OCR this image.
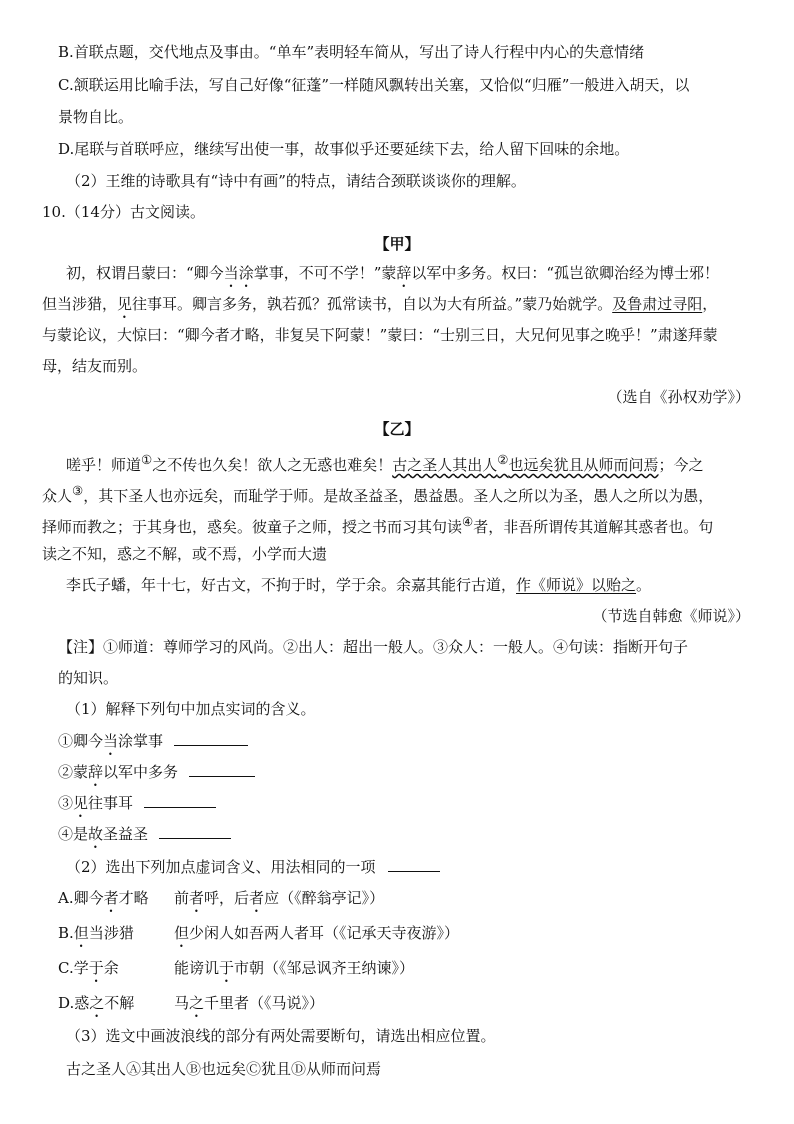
B.首联点题，交代地点及事由。“单车”表明轻车简从，写出了诗人行程中内心的失意情绪
C.颔联运用比喻手法，写自己好像“征蓬”一样随风飘转出关塞，又恰似“归雁”一般进入胡天，以
景物自比。
D.尾联与首联呼应，继续写出使一事，故事似乎还要延续下去，给人留下回味的余地。
（2）王维的诗歌具有“诗中有画”的特点，请结合颈联谈谈你的理解。
10.（14分）古文阅读。
【甲】
初，权谓吕蒙曰：“卿今当涂掌事，不可不学！”蒙辞以军中多务。权曰：“孤岂欲卿治经为博士邪！
但当涉猎，见往事耳。卿言多务，孰若孤？孤常读书，自以为大有所益。”蒙乃始就学。及鲁肃过寻阳，
与蒙论议，大惊曰：“卿今者才略，非复吴下阿蒙！”蒙曰：“士别三日，大兄何见事之晚乎！”肃遂拜蒙
母，结友而别。
（选自《孙权劝学》）
【乙】
嗟乎！师道①之不传也久矣！欲人之无惑也难矣！古之圣人其出人②也远矣犹且从师而问焉；今之
众人③，其下圣人也亦远矣，而耻学于师。是故圣益圣，愚益愚。圣人之所以为圣，愚人之所以为愚，
择师而教之；于其身也，惑矣。彼童子之师，授之书而习其句读④者，非吾所谓传其道解其惑者也。句
读之不知，惑之不解，或不焉，小学而大遗
李氏子蟠，年十七，好古文，不拘于时，学于余。余嘉其能行古道，作《师说》以贻之。
（节选自韩愈《师说》）
【注】①师道：尊师学习的风尚。②出人：超出一般人。③众人：一般人。④句读：指断开句子
的知识。
（1）解释下列句中加点实词的含义。
①卿今当涂掌事
②蒙辞以军中多务
③见往事耳
④是故圣益圣
（2）选出下列加点虚词含义、用法相同的一项
A.卿今者才略 前者呼，后者应（《醉翁亭记》）
B.但当涉猎	但少闲人如吾两人者耳（《记承天寺夜游》）
C.学于余	能谤讥于市朝（《邹忌讽齐王纳谏》）
D.惑之不解	马之千里者（《马说》）
（3）选文中画波浪线的部分有两处需要断句，请选出相应位置。
古之圣人Ⓐ其出人Ⓑ也远矣Ⓒ犹且Ⓓ从师而问焉
